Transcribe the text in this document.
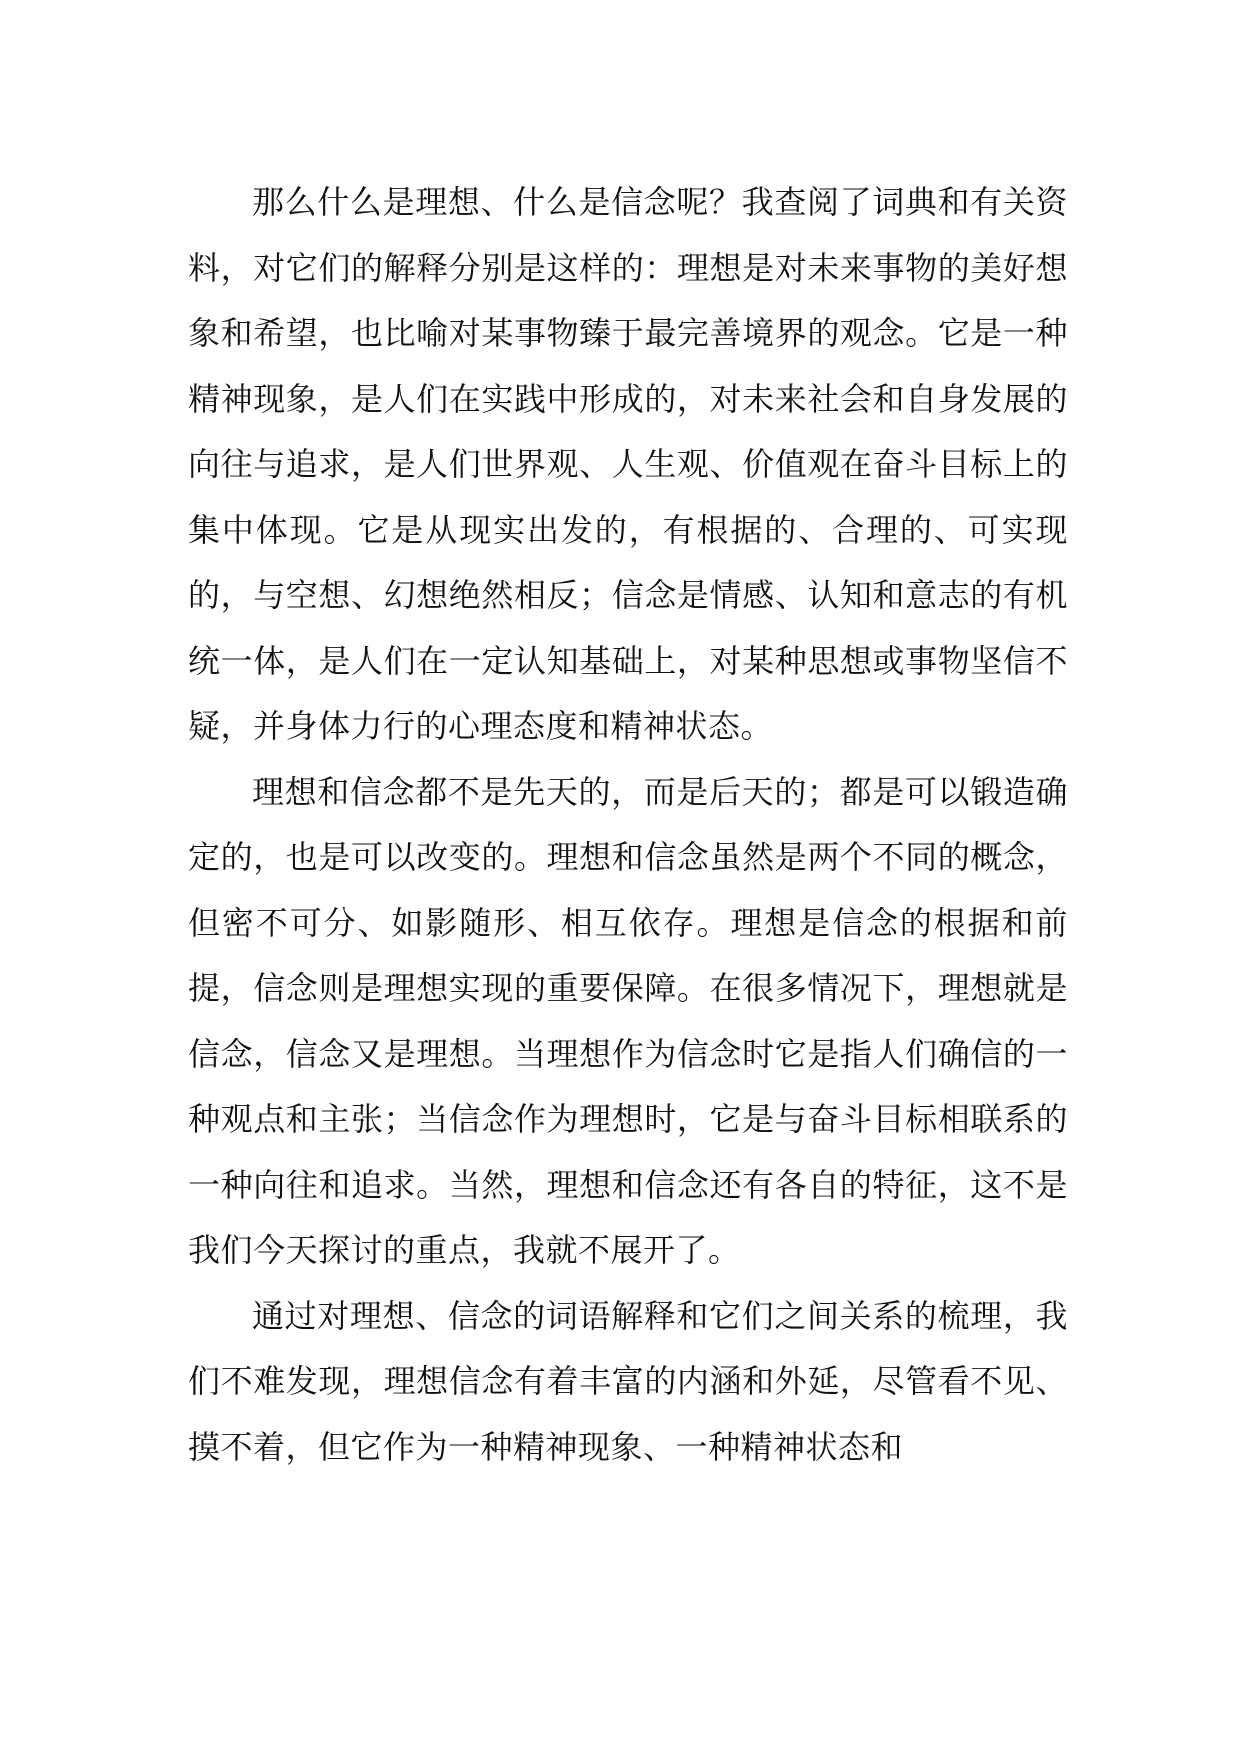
那么什么是理想、什么是信念呢？我查阅了词典和有关资料，对它们的解释分别是这样的：理想是对未来事物的美好想象和希望，也比喻对某事物臻于最完善境界的观念。它是一种精神现象，是人们在实践中形成的，对未来社会和自身发展的向往与追求，是人们世界观、人生观、价值观在奋斗目标上的集中体现。它是从现实出发的，有根据的、合理的、可实现的，与空想、幻想绝然相反；信念是情感、认知和意志的有机统一体，是人们在一定认知基础上，对某种思想或事物坚信不疑，并身体力行的心理态度和精神状态。

理想和信念都不是先天的，而是后天的；都是可以锻造确定的，也是可以改变的。理想和信念虽然是两个不同的概念，但密不可分、如影随形、相互依存。理想是信念的根据和前提，信念则是理想实现的重要保障。在很多情况下，理想就是信念，信念又是理想。当理想作为信念时它是指人们确信的一种观点和主张；当信念作为理想时，它是与奋斗目标相联系的一种向往和追求。当然，理想和信念还有各自的特征，这不是我们今天探讨的重点，我就不展开了。

通过对理想、信念的词语解释和它们之间关系的梳理，我们不难发现，理想信念有着丰富的内涵和外延，尽管看不见、摸不着，但它作为一种精神现象、一种精神状态和
